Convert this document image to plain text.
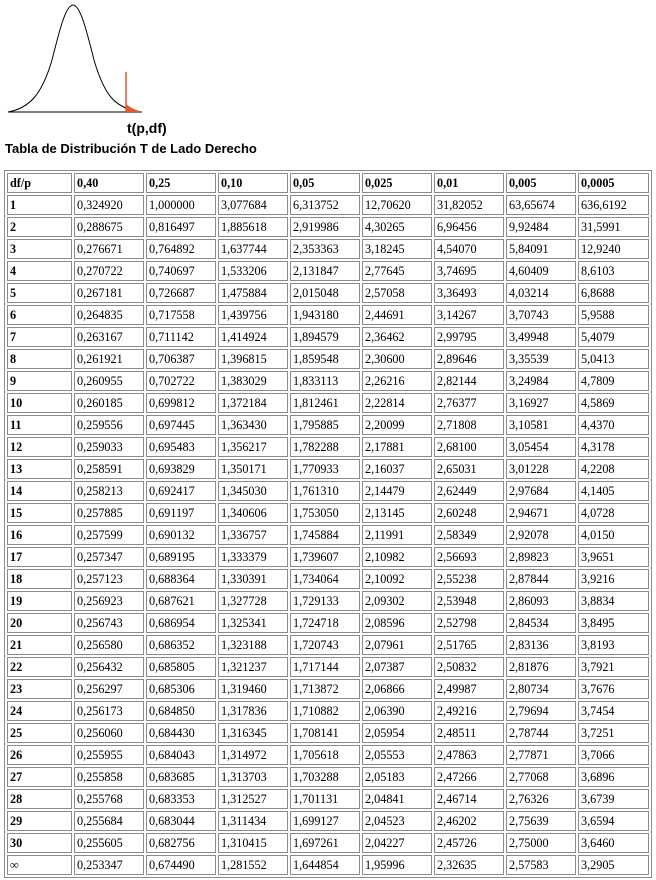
t(p,df)
Tabla de Distribución T de Lado Derecho
df/p	0,40	0,25	0,10	0,05	0,025	0,01	0,005	0,0005
1	0,324920	1,000000	3,077684	6,313752	12,70620	31,82052	63,65674	636,6192
2	0,288675	0,816497	1,885618	2,919986	4,30265	6,96456	9,92484	31,5991
3	0,276671	0,764892	1,637744	2,353363	3,18245	4,54070	5,84091	12,9240
4	0,270722	0,740697	1,533206	2,131847	2,77645	3,74695	4,60409	8,6103
5	0,267181	0,726687	1,475884	2,015048	2,57058	3,36493	4,03214	6,8688
6	0,264835	0,717558	1,439756	1,943180	2,44691	3,14267	3,70743	5,9588
7	0,263167	0,711142	1,414924	1,894579	2,36462	2,99795	3,49948	5,4079
8	0,261921	0,706387	1,396815	1,859548	2,30600	2,89646	3,35539	5,0413
9	0,260955	0,702722	1,383029	1,833113	2,26216	2,82144	3,24984	4,7809
10	0,260185	0,699812	1,372184	1,812461	2,22814	2,76377	3,16927	4,5869
11	0,259556	0,697445	1,363430	1,795885	2,20099	2,71808	3,10581	4,4370
12	0,259033	0,695483	1,356217	1,782288	2,17881	2,68100	3,05454	4,3178
13	0,258591	0,693829	1,350171	1,770933	2,16037	2,65031	3,01228	4,2208
14	0,258213	0,692417	1,345030	1,761310	2,14479	2,62449	2,97684	4,1405
15	0,257885	0,691197	1,340606	1,753050	2,13145	2,60248	2,94671	4,0728
16	0,257599	0,690132	1,336757	1,745884	2,11991	2,58349	2,92078	4,0150
17	0,257347	0,689195	1,333379	1,739607	2,10982	2,56693	2,89823	3,9651
18	0,257123	0,688364	1,330391	1,734064	2,10092	2,55238	2,87844	3,9216
19	0,256923	0,687621	1,327728	1,729133	2,09302	2,53948	2,86093	3,8834
20	0,256743	0,686954	1,325341	1,724718	2,08596	2,52798	2,84534	3,8495
21	0,256580	0,686352	1,323188	1,720743	2,07961	2,51765	2,83136	3,8193
22	0,256432	0,685805	1,321237	1,717144	2,07387	2,50832	2,81876	3,7921
23	0,256297	0,685306	1,319460	1,713872	2,06866	2,49987	2,80734	3,7676
24	0,256173	0,684850	1,317836	1,710882	2,06390	2,49216	2,79694	3,7454
25	0,256060	0,684430	1,316345	1,708141	2,05954	2,48511	2,78744	3,7251
26	0,255955	0,684043	1,314972	1,705618	2,05553	2,47863	2,77871	3,7066
27	0,255858	0,683685	1,313703	1,703288	2,05183	2,47266	2,77068	3,6896
28	0,255768	0,683353	1,312527	1,701131	2,04841	2,46714	2,76326	3,6739
29	0,255684	0,683044	1,311434	1,699127	2,04523	2,46202	2,75639	3,6594
30	0,255605	0,682756	1,310415	1,697261	2,04227	2,45726	2,75000	3,6460
∞	0,253347	0,674490	1,281552	1,644854	1,95996	2,32635	2,57583	3,2905
